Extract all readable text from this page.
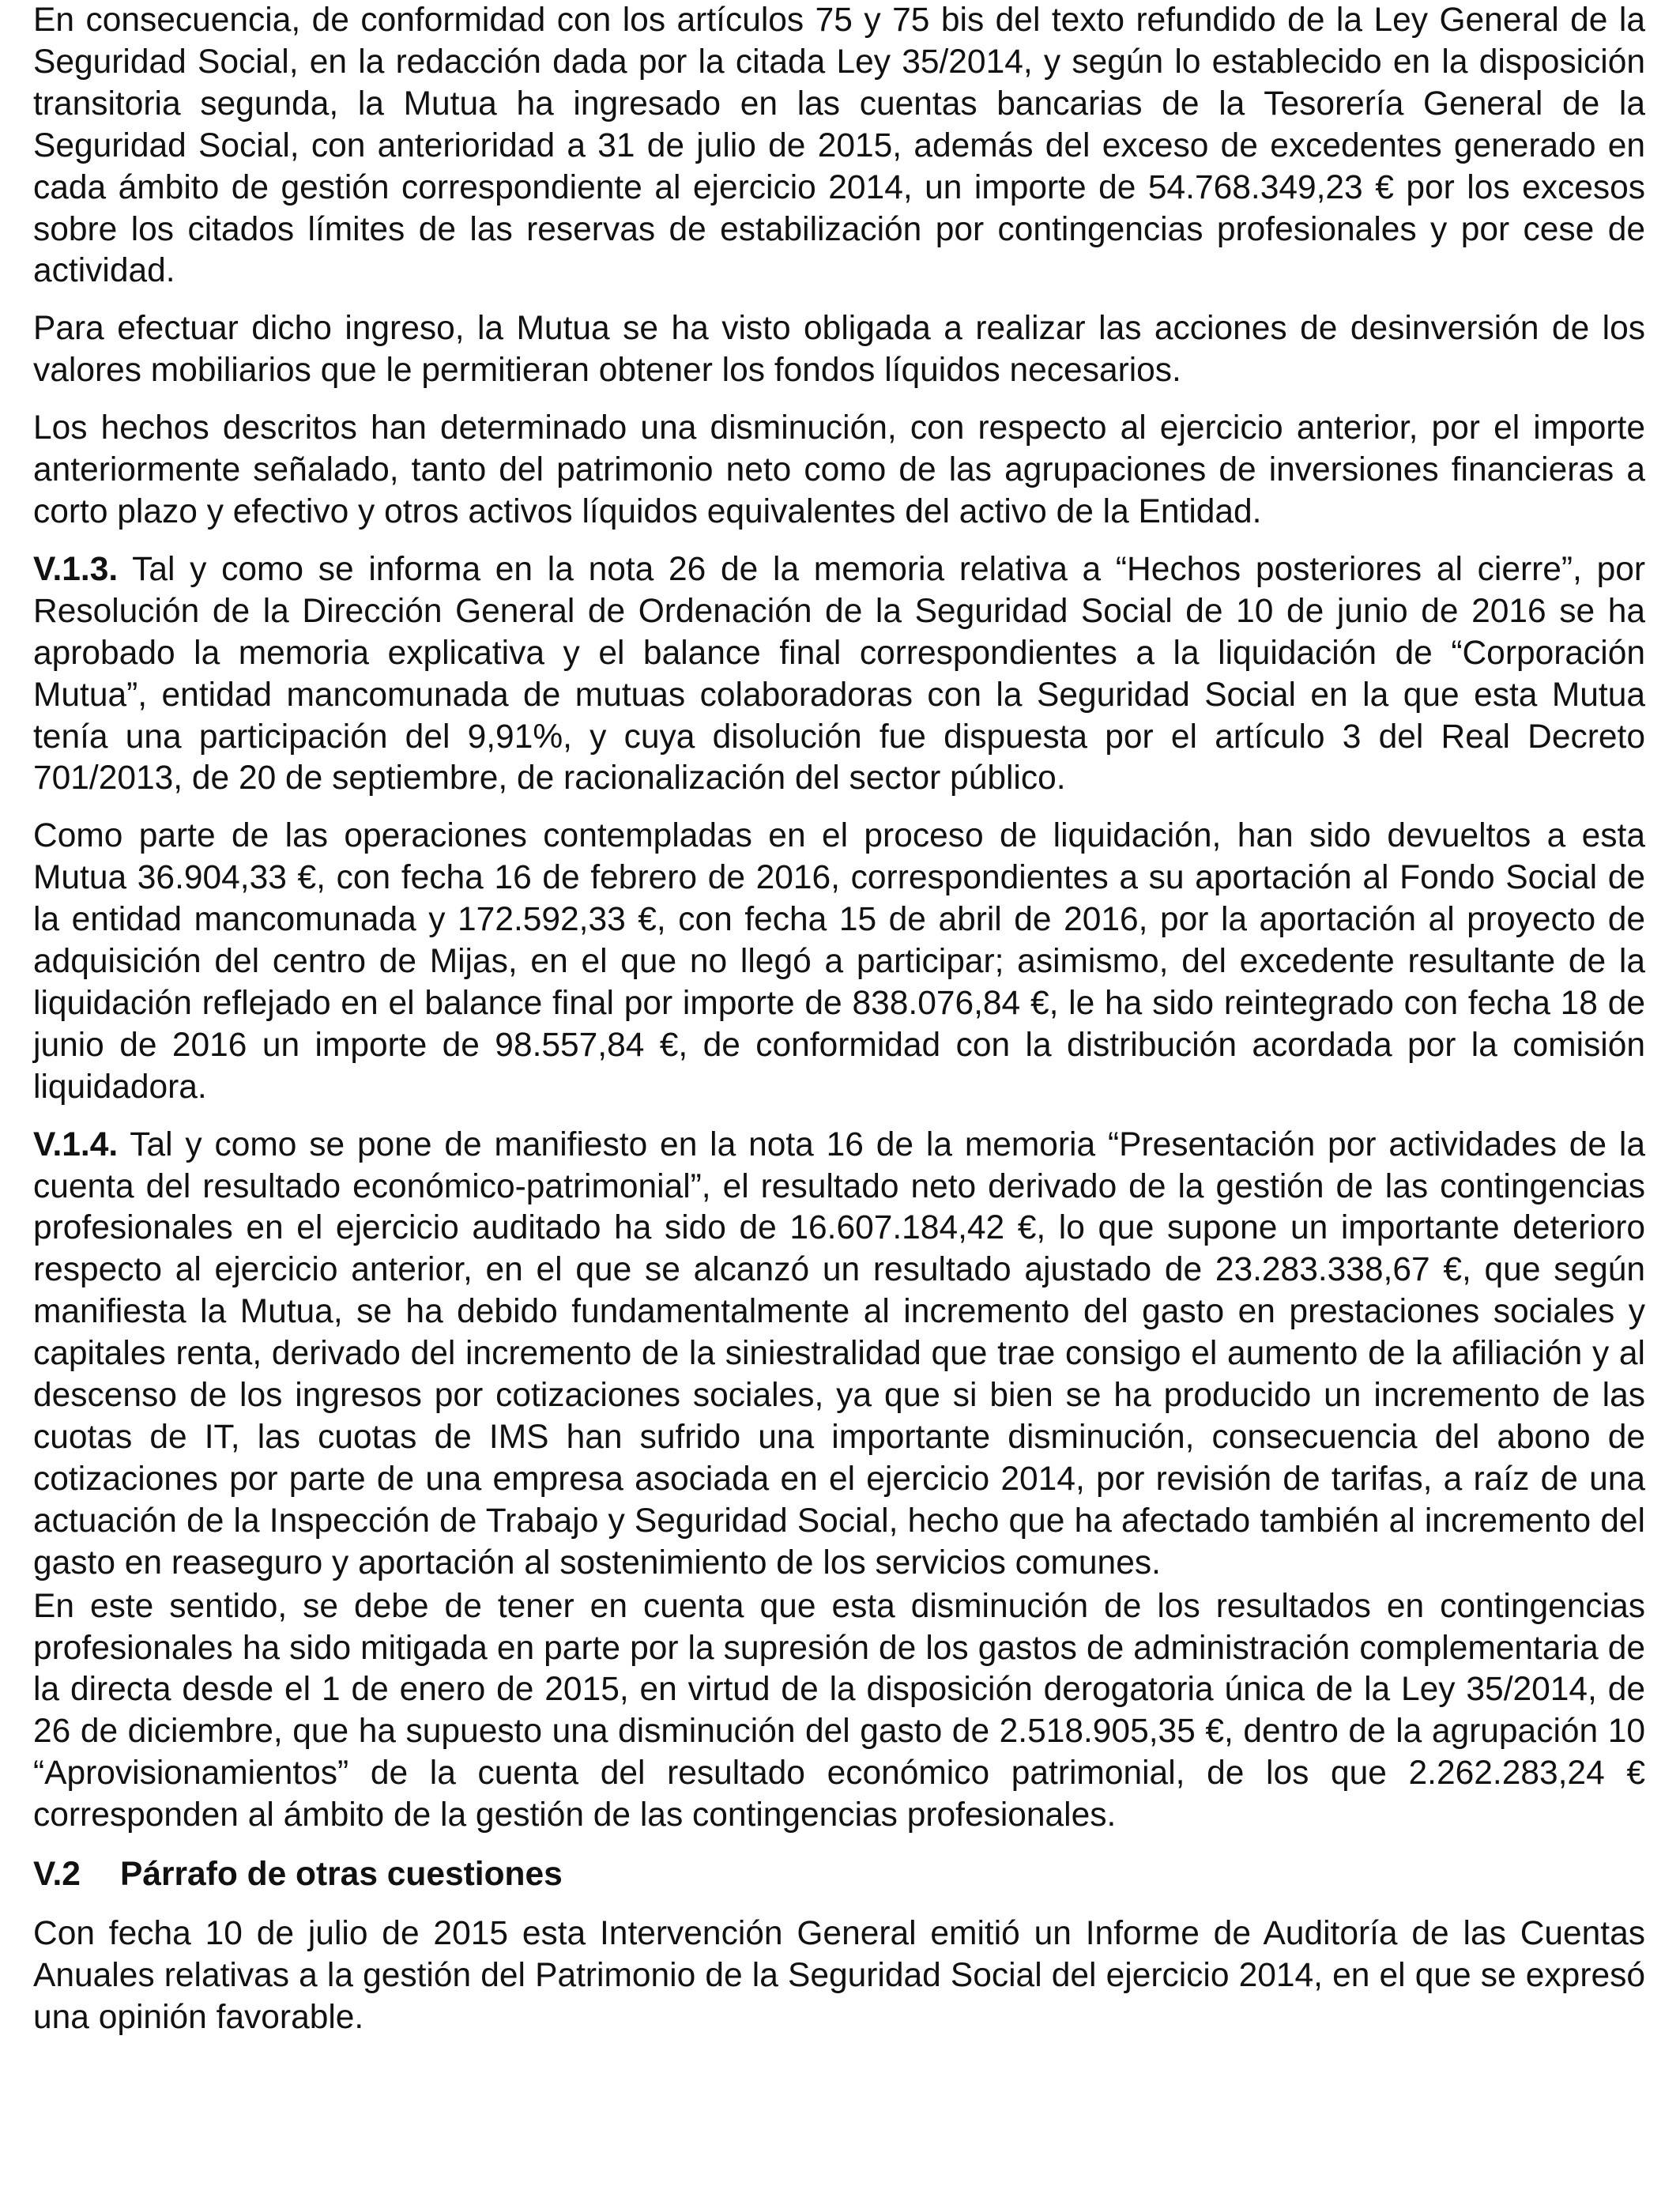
En consecuencia, de conformidad con los artículos 75 y 75 bis del texto refundido de la Ley General de la Seguridad Social, en la redacción dada por la citada Ley 35/2014, y según lo establecido en la disposición transitoria segunda, la Mutua ha ingresado en las cuentas bancarias de la Tesorería General de la Seguridad Social, con anterioridad a 31 de julio de 2015, además del exceso de excedentes generado en cada ámbito de gestión correspondiente al ejercicio 2014, un importe de 54.768.349,23 € por los excesos sobre los citados límites de las reservas de estabilización por contingencias profesionales y por cese de actividad.

Para efectuar dicho ingreso, la Mutua se ha visto obligada a realizar las acciones de desinversión de los valores mobiliarios que le permitieran obtener los fondos líquidos necesarios.

Los hechos descritos han determinado una disminución, con respecto al ejercicio anterior, por el importe anteriormente señalado, tanto del patrimonio neto como de las agrupaciones de inversiones financieras a corto plazo y efectivo y otros activos líquidos equivalentes del activo de la Entidad.

V.1.3. Tal y como se informa en la nota 26 de la memoria relativa a “Hechos posteriores al cierre”, por Resolución de la Dirección General de Ordenación de la Seguridad Social de 10 de junio de 2016 se ha aprobado la memoria explicativa y el balance final correspondientes a la liquidación de “Corporación Mutua”, entidad mancomunada de mutuas colaboradoras con la Seguridad Social en la que esta Mutua tenía una participación del 9,91%, y cuya disolución fue dispuesta por el artículo 3 del Real Decreto 701/2013, de 20 de septiembre, de racionalización del sector público.

Como parte de las operaciones contempladas en el proceso de liquidación, han sido devueltos a esta Mutua 36.904,33 €, con fecha 16 de febrero de 2016, correspondientes a su aportación al Fondo Social de la entidad mancomunada y 172.592,33 €, con fecha 15 de abril de 2016, por la aportación al proyecto de adquisición del centro de Mijas, en el que no llegó a participar; asimismo, del excedente resultante de la liquidación reflejado en el balance final por importe de 838.076,84 €, le ha sido reintegrado con fecha 18 de junio de 2016 un importe de 98.557,84 €, de conformidad con la distribución acordada por la comisión liquidadora.

V.1.4. Tal y como se pone de manifiesto en la nota 16 de la memoria “Presentación por actividades de la cuenta del resultado económico-patrimonial”, el resultado neto derivado de la gestión de las contingencias profesionales en el ejercicio auditado ha sido de 16.607.184,42 €, lo que supone un importante deterioro respecto al ejercicio anterior, en el que se alcanzó un resultado ajustado de 23.283.338,67 €, que según manifiesta la Mutua, se ha debido fundamentalmente al incremento del gasto en prestaciones sociales y capitales renta, derivado del incremento de la siniestralidad que trae consigo el aumento de la afiliación y al descenso de los ingresos por cotizaciones sociales, ya que si bien se ha producido un incremento de las cuotas de IT, las cuotas de IMS han sufrido una importante disminución, consecuencia del abono de cotizaciones por parte de una empresa asociada en el ejercicio 2014, por revisión de tarifas, a raíz de una actuación de la Inspección de Trabajo y Seguridad Social, hecho que ha afectado también al incremento del gasto en reaseguro y aportación al sostenimiento de los servicios comunes.

En este sentido, se debe de tener en cuenta que esta disminución de los resultados en contingencias profesionales ha sido mitigada en parte por la supresión de los gastos de administración complementaria de la directa desde el 1 de enero de 2015, en virtud de la disposición derogatoria única de la Ley 35/2014, de 26 de diciembre, que ha supuesto una disminución del gasto de 2.518.905,35 €, dentro de la agrupación 10 “Aprovisionamientos” de la cuenta del resultado económico patrimonial, de los que 2.262.283,24 € corresponden al ámbito de la gestión de las contingencias profesionales.

V.2 Párrafo de otras cuestiones

Con fecha 10 de julio de 2015 esta Intervención General emitió un Informe de Auditoría de las Cuentas Anuales relativas a la gestión del Patrimonio de la Seguridad Social del ejercicio 2014, en el que se expresó una opinión favorable.
